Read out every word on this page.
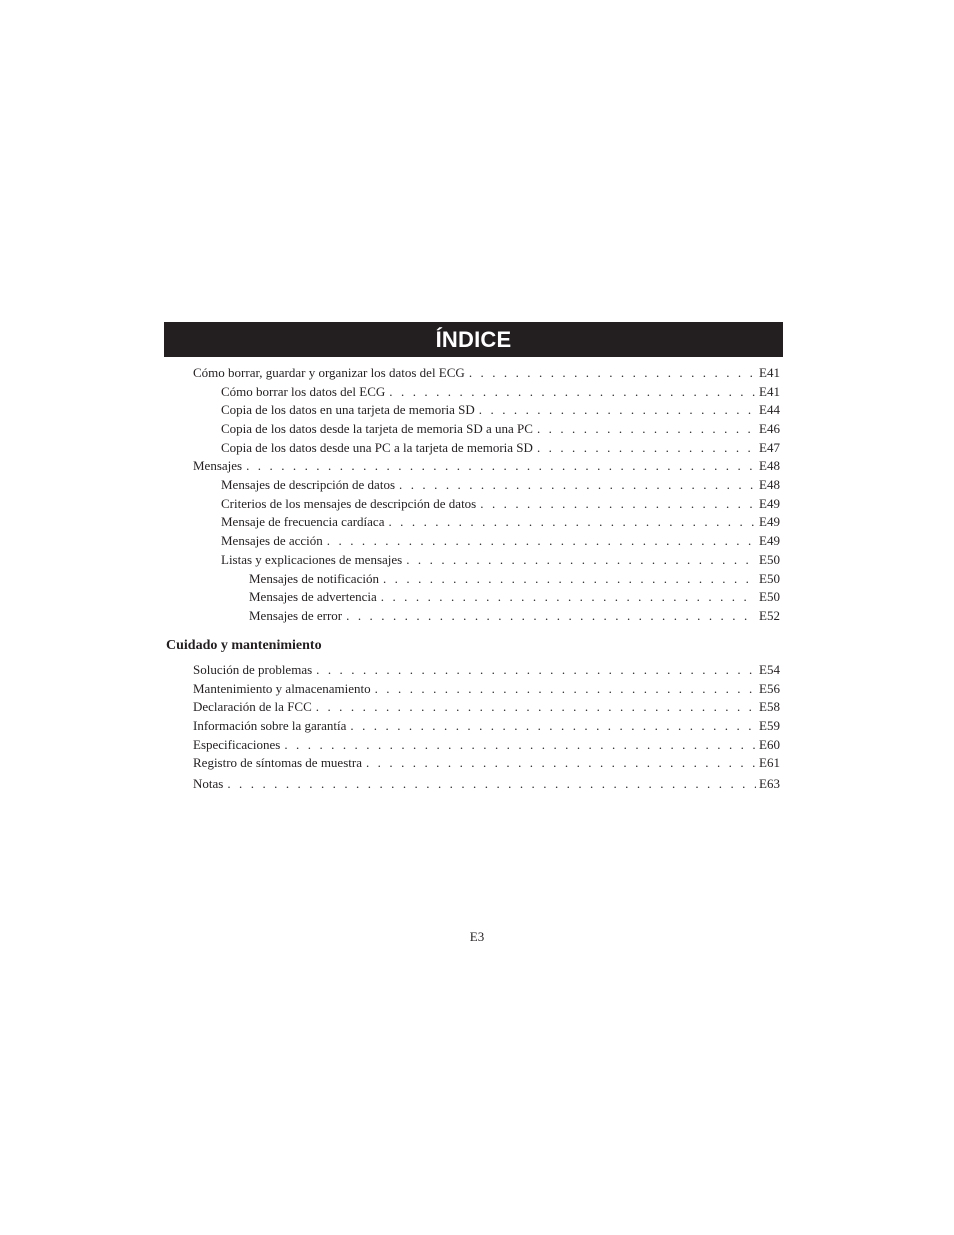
ÍNDICE
Cómo borrar, guardar y organizar los datos del ECG . . .	E41
Cómo borrar los datos del ECG . . .	E41
Copia de los datos en una tarjeta de memoria SD . . .	E44
Copia de los datos desde la tarjeta de memoria SD a una PC . . .	E46
Copia de los datos desde una PC a la tarjeta de memoria SD . . .	E47
Mensajes . . .	E48
Mensajes de descripción de datos . . .	E48
Criterios de los mensajes de descripción de datos . . .	E49
Mensaje de frecuencia cardíaca . . .	E49
Mensajes de acción . . .	E49
Listas y explicaciones de mensajes . . .	E50
Mensajes de notificación . . .	E50
Mensajes de advertencia . . .	E50
Mensajes de error . . .	E52
Cuidado y mantenimiento
Solución de problemas . . .	E54
Mantenimiento y almacenamiento . . .	E56
Declaración de la FCC . . .	E58
Información sobre la garantía . . .	E59
Especificaciones . . .	E60
Registro de síntomas de muestra . . .	E61
Notas . . .	E63
E3
